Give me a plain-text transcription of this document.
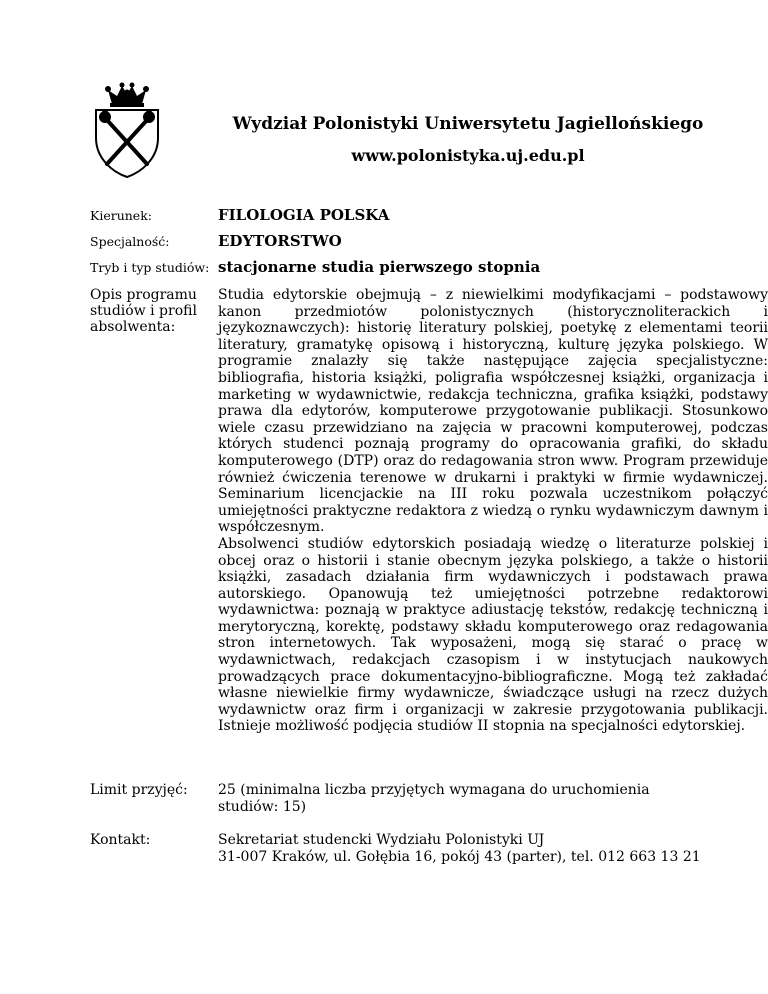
Wydział Polonistyki Uniwersytetu Jagiellońskiego
www.polonistyka.uj.edu.pl
Kierunek:	FILOLOGIA POLSKA
Specjalność:	EDYTORSTWO
Tryb i typ studiów: stacjonarne studia pierwszego stopnia
Opis programu studiów i profil absolwenta:
Studia edytorskie obejmują – z niewielkimi modyfikacjami – podstawowy kanon przedmiotów polonistycznych (historycznoliterackich i językoznawczych): historię literatury polskiej, poetykę z elementami teorii literatury, gramatykę opisową i historyczną, kulturę języka polskiego. W programie znalazły się także następujące zajęcia specjalistyczne: bibliografia, historia książki, poligrafia współczesnej książki, organizacja i marketing w wydawnictwie, redakcja techniczna, grafika książki, podstawy prawa dla edytorów, komputerowe przygotowanie publikacji. Stosunkowo wiele czasu przewidziano na zajęcia w pracowni komputerowej, podczas których studenci poznają programy do opracowania grafiki, do składu komputerowego (DTP) oraz do redagowania stron www. Program przewiduje również ćwiczenia terenowe w drukarni i praktyki w firmie wydawniczej. Seminarium licencjackie na III roku pozwala uczestnikom połączyć umiejętności praktyczne redaktora z wiedzą o rynku wydawniczym dawnym i współczesnym.
Absolwenci studiów edytorskich posiadają wiedzę o literaturze polskiej i obcej oraz o historii i stanie obecnym języka polskiego, a także o historii książki, zasadach działania firm wydawniczych i podstawach prawa autorskiego. Opanowują też umiejętności potrzebne redaktorowi wydawnictwa: poznają w praktyce adiustację tekstów, redakcję techniczną i merytoryczną, korektę, podstawy składu komputerowego oraz redagowania stron internetowych. Tak wyposażeni, mogą się starać o pracę w wydawnictwach, redakcjach czasopism i w instytucjach naukowych prowadzących prace dokumentacyjno-bibliograficzne. Mogą też zakładać własne niewielkie firmy wydawnicze, świadczące usługi na rzecz dużych wydawnictw oraz firm i organizacji w zakresie przygotowania publikacji. Istnieje możliwość podjęcia studiów II stopnia na specjalności edytorskiej.
Limit przyjęć:	25 (minimalna liczba przyjętych wymagana do uruchomienia studiów: 15)
Kontakt:	Sekretariat studencki Wydziału Polonistyki UJ
31-007 Kraków, ul. Gołębia 16, pokój 43 (parter), tel. 012 663 13 21
